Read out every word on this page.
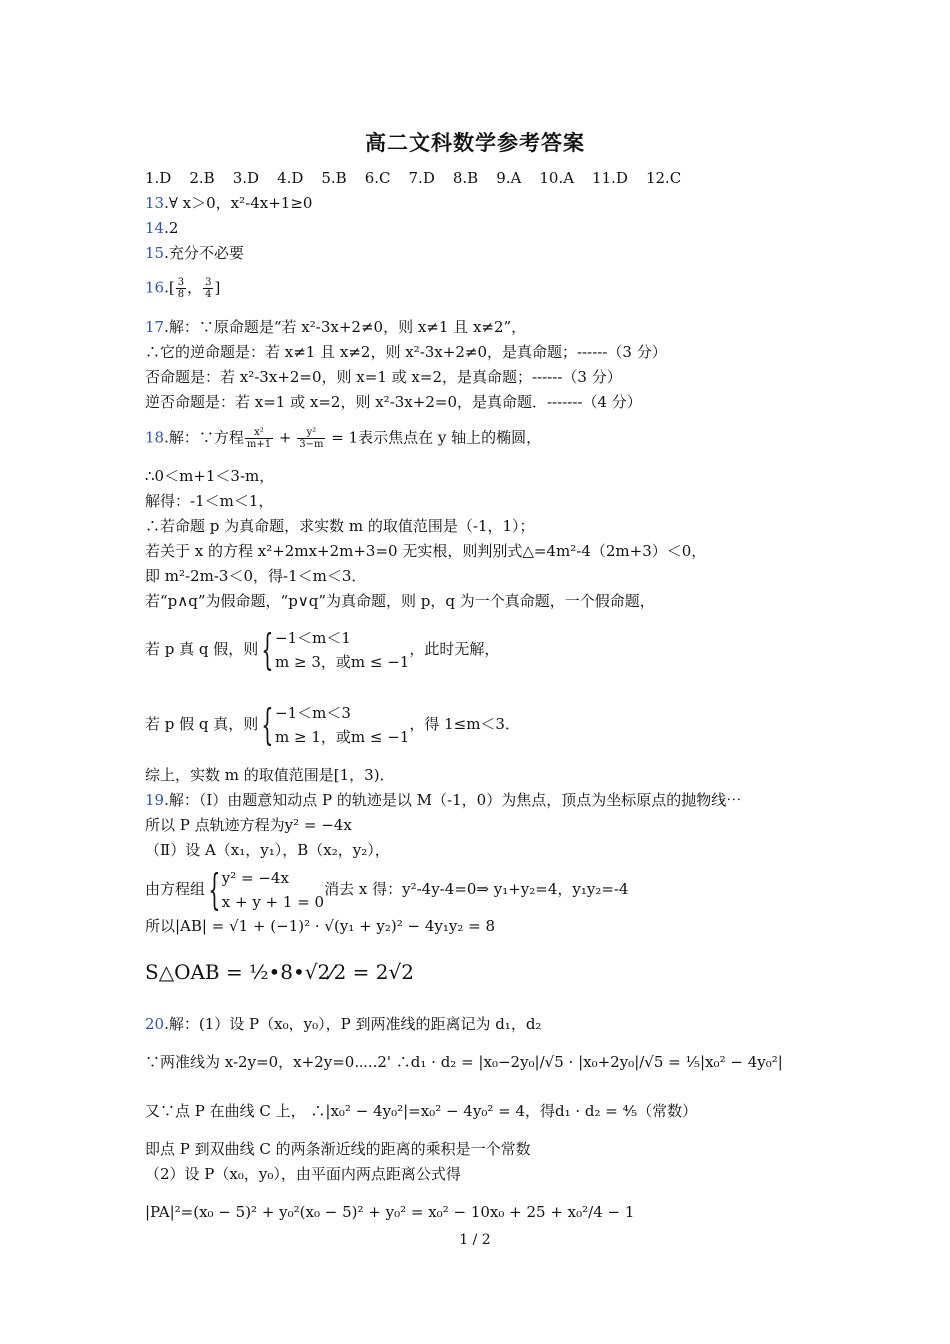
高二文科数学参考答案
1.D 2.B 3.D 4.D 5.B 6.C 7.D 8.B 9.A 10.A 11.D 12.C
13.∀ x＞0，x²-4x+1≥0
14.2
15.充分不必要
$16.[ \frac{3}{8}$ ， $\frac{3}{4}$ ]
17.解：∵原命题是“若 x²-3x+2≠0，则 x≠1 且 x≠2”，
∴它的逆命题是：若 x≠1 且 x≠2，则 x²-3x+2≠0，是真命题；------（3 分）
否命题是：若 x²-3x+2=0，则 x=1 或 x=2，是真命题；------（3 分）
逆否命题是：若 x=1 或 x=2，则 x²-3x+2=0，是真命题．-------（4 分）
18.解：∵方程 $\frac{\text{x²}}{m+1} + \frac{\text{y²}}{3-m} = 1$表示焦点在 y 轴上的椭圆，
∴0＜m+1＜3-m，
解得：-1＜m＜1，
∴若命题 p 为真命题，求实数 m 的取值范围是（-1，1）；
若关于 x 的方程 x²+2mx+2m+3=0 无实根，则判别式△=4m²-4（2m+3）＜0，
即 m²-2m-3＜0，得-1＜m＜3．
若“p∧q”为假命题，“p∨q”为真命题，则 p，q 为一个真命题，一个假命题，
若 p 真 q 假，则{ −1＜m＜1
m ≥ 3，或m ≤ −1
，此时无解，
若 p 假 q 真，则{ −1＜m＜3
m ≥ 1，或m ≤ −1
，得 1≤m＜3．
综上，实数 m 的取值范围是[1，3)．
19.解：（Ⅰ）由题意知动点 P 的轨迹是以 M（-1，0）为焦点，顶点为坐标原点的抛物线⋯
所以 P 点轨迹方程为y² = −4x
（Ⅱ）设 A（x₁，y₁），B（x₂，y₂），
由方程组{ y² = −4x
x + y + 1 = 0
消去 x 得：y²-4y-4=0⇒ y₁+y₂=4，y₁y₂=-4
所以|AB| = √1 + (−1)² · √(y₁ + y₂)² − 4y₁y₂ = 8
S△OAB = ½•8•√2⁄2 = 2√2
20.解：(1）设 P（x₀，y₀），P 到两准线的距离记为 d₁，d₂
∵两准线为 x-2y=0，x+2y=0⋯..2' ∴d₁ · d₂ = |x₀−2y₀|/√5 · |x₀+2y₀|/√5 = ⅕|x₀² − 4y₀²|
又∵点 P 在曲线 C 上， ∴|x₀² − 4y₀²|=x₀² − 4y₀² = 4，得d₁ · d₂ = ⅘（常数）
即点 P 到双曲线 C 的两条渐近线的距离的乘积是一个常数
（2）设 P（x₀，y₀），由平面内两点距离公式得
|PA|²=(x₀ − 5)² + y₀²(x₀ − 5)² + y₀² = x₀² − 10x₀ + 25 + x₀²/4 − 1
1 / 2
